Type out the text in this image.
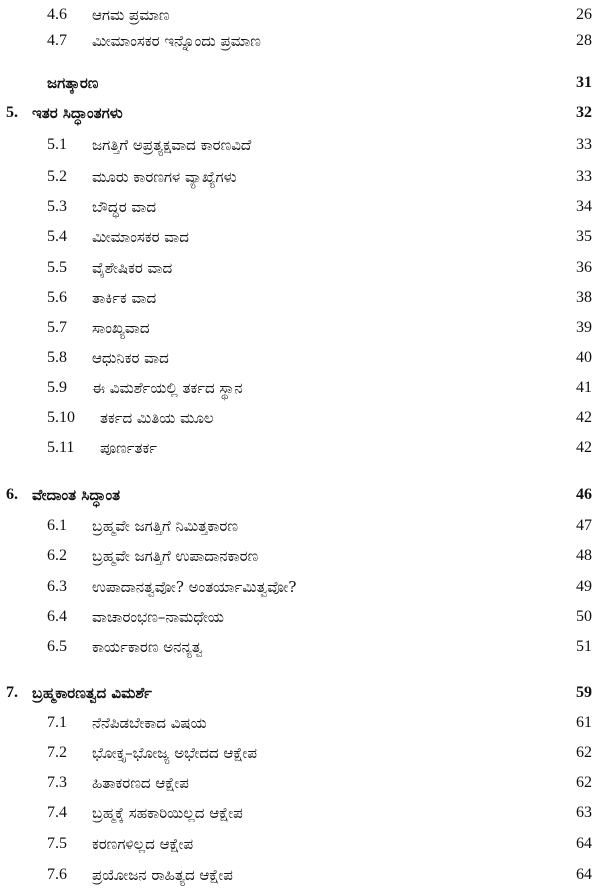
4.6 ಆಗಮ ಪ್ರಮಾಣ	26
4.7 ಮೀಮಾಂಸಕರ ಇನ್ನೊಂದು ಪ್ರಮಾಣ	28
ಜಗತ್ಕಾರಣ	31
5. ಇತರ ಸಿದ್ಧಾಂತಗಳು	32
5.1 ಜಗತ್ತಿಗೆ ಅಪ್ರತ್ಯಕ್ಷವಾದ ಕಾರಣವಿದೆ	33
5.2 ಮೂರು ಕಾರಣಗಳ ವ್ಯಾಖ್ಯೆಗಳು	33
5.3 ಬೌದ್ಧರ ವಾದ	34
5.4 ಮೀಮಾಂಸಕರ ವಾದ	35
5.5 ವೈಶೇಷಿಕರ ವಾದ	36
5.6 ತಾರ್ಕಿಕ ವಾದ	38
5.7 ಸಾಂಖ್ಯವಾದ	39
5.8 ಆಧುನಿಕರ ವಾದ	40
5.9 ಈ ವಿಮರ್ಶೆಯಲ್ಲಿ ತರ್ಕದ ಸ್ಥಾನ	41
5.10 ತರ್ಕದ ಮಿತಿಯ ಮೂಲ	42
5.11 ಪೂರ್ಣತರ್ಕ	42
6. ವೇದಾಂತ ಸಿದ್ಧಾಂತ	46
6.1 ಬ್ರಹ್ಮವೇ ಜಗತ್ತಿಗೆ ನಿಮಿತ್ತಕಾರಣ	47
6.2 ಬ್ರಹ್ಮವೇ ಜಗತ್ತಿಗೆ ಉಪಾದಾನಕಾರಣ	48
6.3 ಉಪಾದಾನತ್ವವೋ? ಅಂತರ್ಯಾಮಿತ್ವವೋ?	49
6.4 ವಾಚಾರಂಭಣ–ನಾಮಧೇಯ	50
6.5 ಕಾರ್ಯಕಾರಣ ಅನನ್ಯತ್ವ	51
7. ಬ್ರಹ್ಮಕಾರಣತ್ವದ ವಿಮರ್ಶೆ	59
7.1 ನೆನೆಪಿಡಬೇಕಾದ ವಿಷಯ	61
7.2 ಭೋಕ್ತೃ–ಭೋಜ್ಯ ಅಭೇದದ ಆಕ್ಷೇಪ	62
7.3 ಹಿತಾಕರಣದ ಆಕ್ಷೇಪ	62
7.4 ಬ್ರಹ್ಮಕ್ಕೆ ಸಹಕಾರಿಯಿಲ್ಲದ ಆಕ್ಷೇಪ	63
7.5 ಕರಣಗಳಿಲ್ಲದ ಆಕ್ಷೇಪ	64
7.6 ಪ್ರಯೋಜನ ರಾಹಿತ್ಯದ ಆಕ್ಷೇಪ	64
